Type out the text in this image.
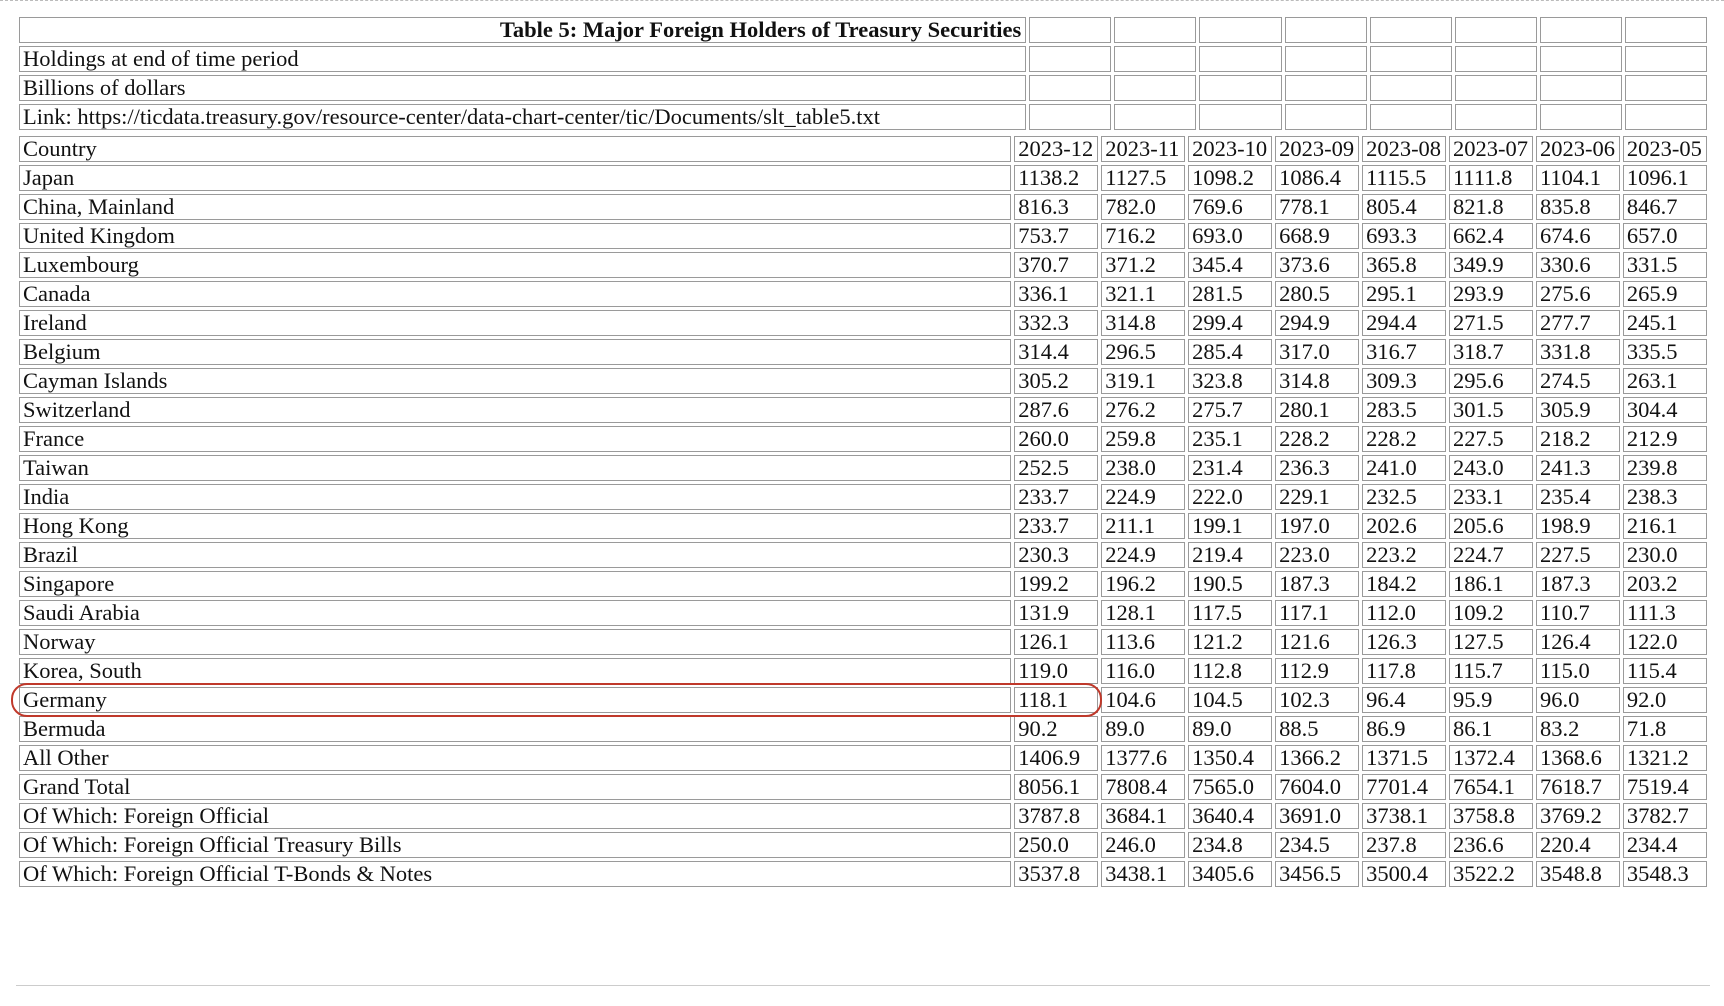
Table 5: Major Foreign Holders of Treasury Securities								
Holdings at end of time period								
Billions of dollars								
Link: https://ticdata.treasury.gov/resource-center/data-chart-center/tic/Documents/slt_table5.txt								
Country	2023-12	2023-11	2023-10	2023-09	2023-08	2023-07	2023-06	2023-05
Japan	1138.2	1127.5	1098.2	1086.4	1115.5	1111.8	1104.1	1096.1
China, Mainland	816.3	782.0	769.6	778.1	805.4	821.8	835.8	846.7
United Kingdom	753.7	716.2	693.0	668.9	693.3	662.4	674.6	657.0
Luxembourg	370.7	371.2	345.4	373.6	365.8	349.9	330.6	331.5
Canada	336.1	321.1	281.5	280.5	295.1	293.9	275.6	265.9
Ireland	332.3	314.8	299.4	294.9	294.4	271.5	277.7	245.1
Belgium	314.4	296.5	285.4	317.0	316.7	318.7	331.8	335.5
Cayman Islands	305.2	319.1	323.8	314.8	309.3	295.6	274.5	263.1
Switzerland	287.6	276.2	275.7	280.1	283.5	301.5	305.9	304.4
France	260.0	259.8	235.1	228.2	228.2	227.5	218.2	212.9
Taiwan	252.5	238.0	231.4	236.3	241.0	243.0	241.3	239.8
India	233.7	224.9	222.0	229.1	232.5	233.1	235.4	238.3
Hong Kong	233.7	211.1	199.1	197.0	202.6	205.6	198.9	216.1
Brazil	230.3	224.9	219.4	223.0	223.2	224.7	227.5	230.0
Singapore	199.2	196.2	190.5	187.3	184.2	186.1	187.3	203.2
Saudi Arabia	131.9	128.1	117.5	117.1	112.0	109.2	110.7	111.3
Norway	126.1	113.6	121.2	121.6	126.3	127.5	126.4	122.0
Korea, South	119.0	116.0	112.8	112.9	117.8	115.7	115.0	115.4
Germany	118.1	104.6	104.5	102.3	96.4	95.9	96.0	92.0
Bermuda	90.2	89.0	89.0	88.5	86.9	86.1	83.2	71.8
All Other	1406.9	1377.6	1350.4	1366.2	1371.5	1372.4	1368.6	1321.2
Grand Total	8056.1	7808.4	7565.0	7604.0	7701.4	7654.1	7618.7	7519.4
Of Which: Foreign Official	3787.8	3684.1	3640.4	3691.0	3738.1	3758.8	3769.2	3782.7
Of Which: Foreign Official Treasury Bills	250.0	246.0	234.8	234.5	237.8	236.6	220.4	234.4
Of Which: Foreign Official T-Bonds & Notes	3537.8	3438.1	3405.6	3456.5	3500.4	3522.2	3548.8	3548.3
